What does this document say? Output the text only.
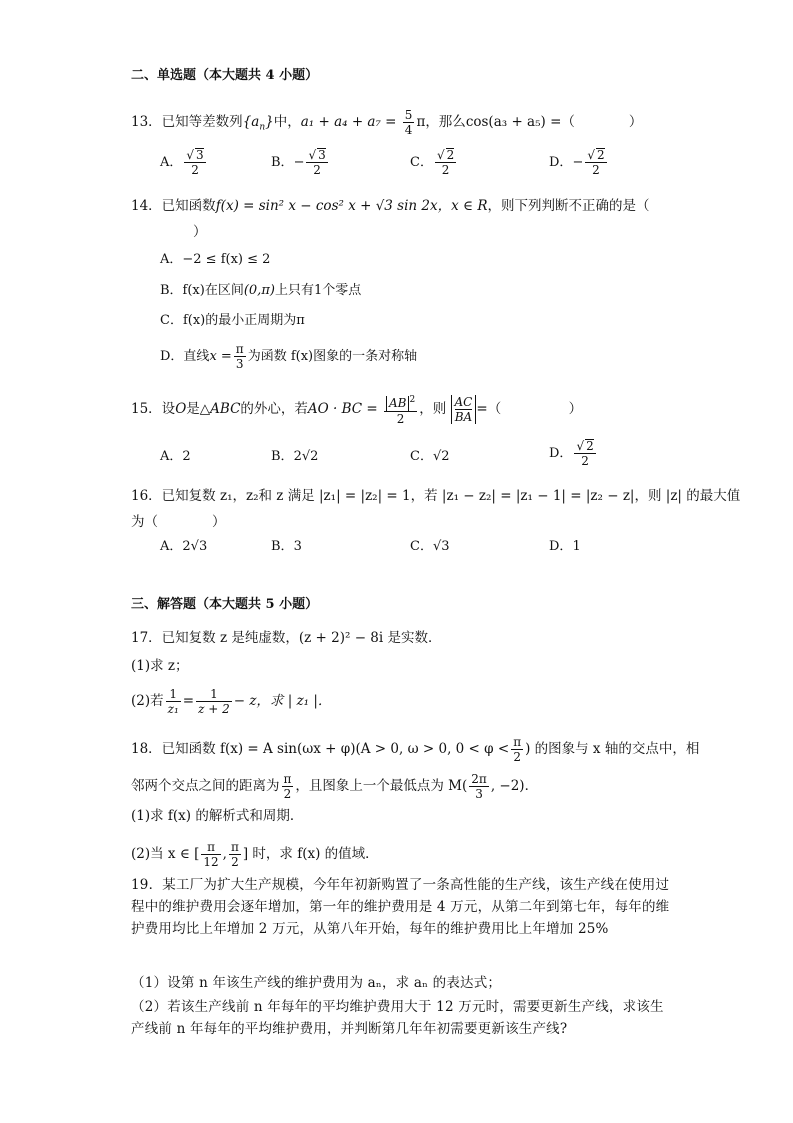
二、单选题（本大题共 4 小题）
13．已知等差数列$\{a_n\}$中，$a_1 + a_4 + a_7 = \frac{5}{4}$ π，那么cos(a₃ + a₅) =（　　　　）
A． $\frac{√ 3}{2}$	B．− $\frac{√ 3}{2}$	C． $\frac{√ 2}{2}$	D．− $\frac{√ 2}{2}$
14．已知函数f(x) = sin² x − cos² x + √3 sin 2x，x ∈ R，则下列判断不正确的是（
）
A．−2 ≤ f(x) ≤ 2
B．f(x)在区间(0,π)上只有1个零点
C．f(x)的最小正周期为π
D．直线$x = \frac{\pi}{3}$ 为函数 f(x)图象的一条对称轴
15．设O是△ABC的外心，若AO · BC = $\frac{AB ^2}{2}$ ，则 $\frac{AC}{BA}=$（　　　　　）
A．2	B．2√2	C．√2	D． $\frac{√ 2}{2}$
16．已知复数 z₁，z₂和 z 满足 |z₁| = |z₂| = 1，若 |z₁ − z₂| = |z₁ − 1| = |z₂ − z|，则 |z| 的最大值
为（　　　　）
A．2√3	B．3	C．√3	D．1
三、解答题（本大题共 5 小题）
17．已知复数 z 是纯虚数，(z + 2)² − 8i 是实数．
(1)求 z；
(2)若 $\frac{1}{\text{z₁}} = \frac{1}{z + 2} - z$，求 | z₁ |．
18．已知函数 f(x) = A sin(ωx + φ)(A > 0, ω > 0, $0 < \varphi < \frac{\pi}{2}$ ) 的图象与 x 轴的交点中，相
邻两个交点之间的距离为 $\frac{\pi}{2}$ ，且图象上一个最低点为 $M( \frac{2\pi}{3}$ , −2)．
(1)求 f(x) 的解析式和周期．
(2)当 x ∈ [ $\frac{\pi}{12}$ , $\frac{\pi}{2}$ ] 时，求 f(x) 的值域．
19．某工厂为扩大生产规模，今年年初新购置了一条高性能的生产线，该生产线在使用过程中的维护费用会逐年增加，第一年的维护费用是 4 万元，从第二年到第七年，每年的维护费用均比上年增加 2 万元，从第八年开始，每年的维护费用比上年增加 25%
（1）设第 n 年该生产线的维护费用为 aₙ，求 aₙ 的表达式；
（2）若该生产线前 n 年每年的平均维护费用大于 12 万元时，需要更新生产线，求该生产线前 n 年每年的平均维护费用，并判断第几年年初需要更新该生产线?
